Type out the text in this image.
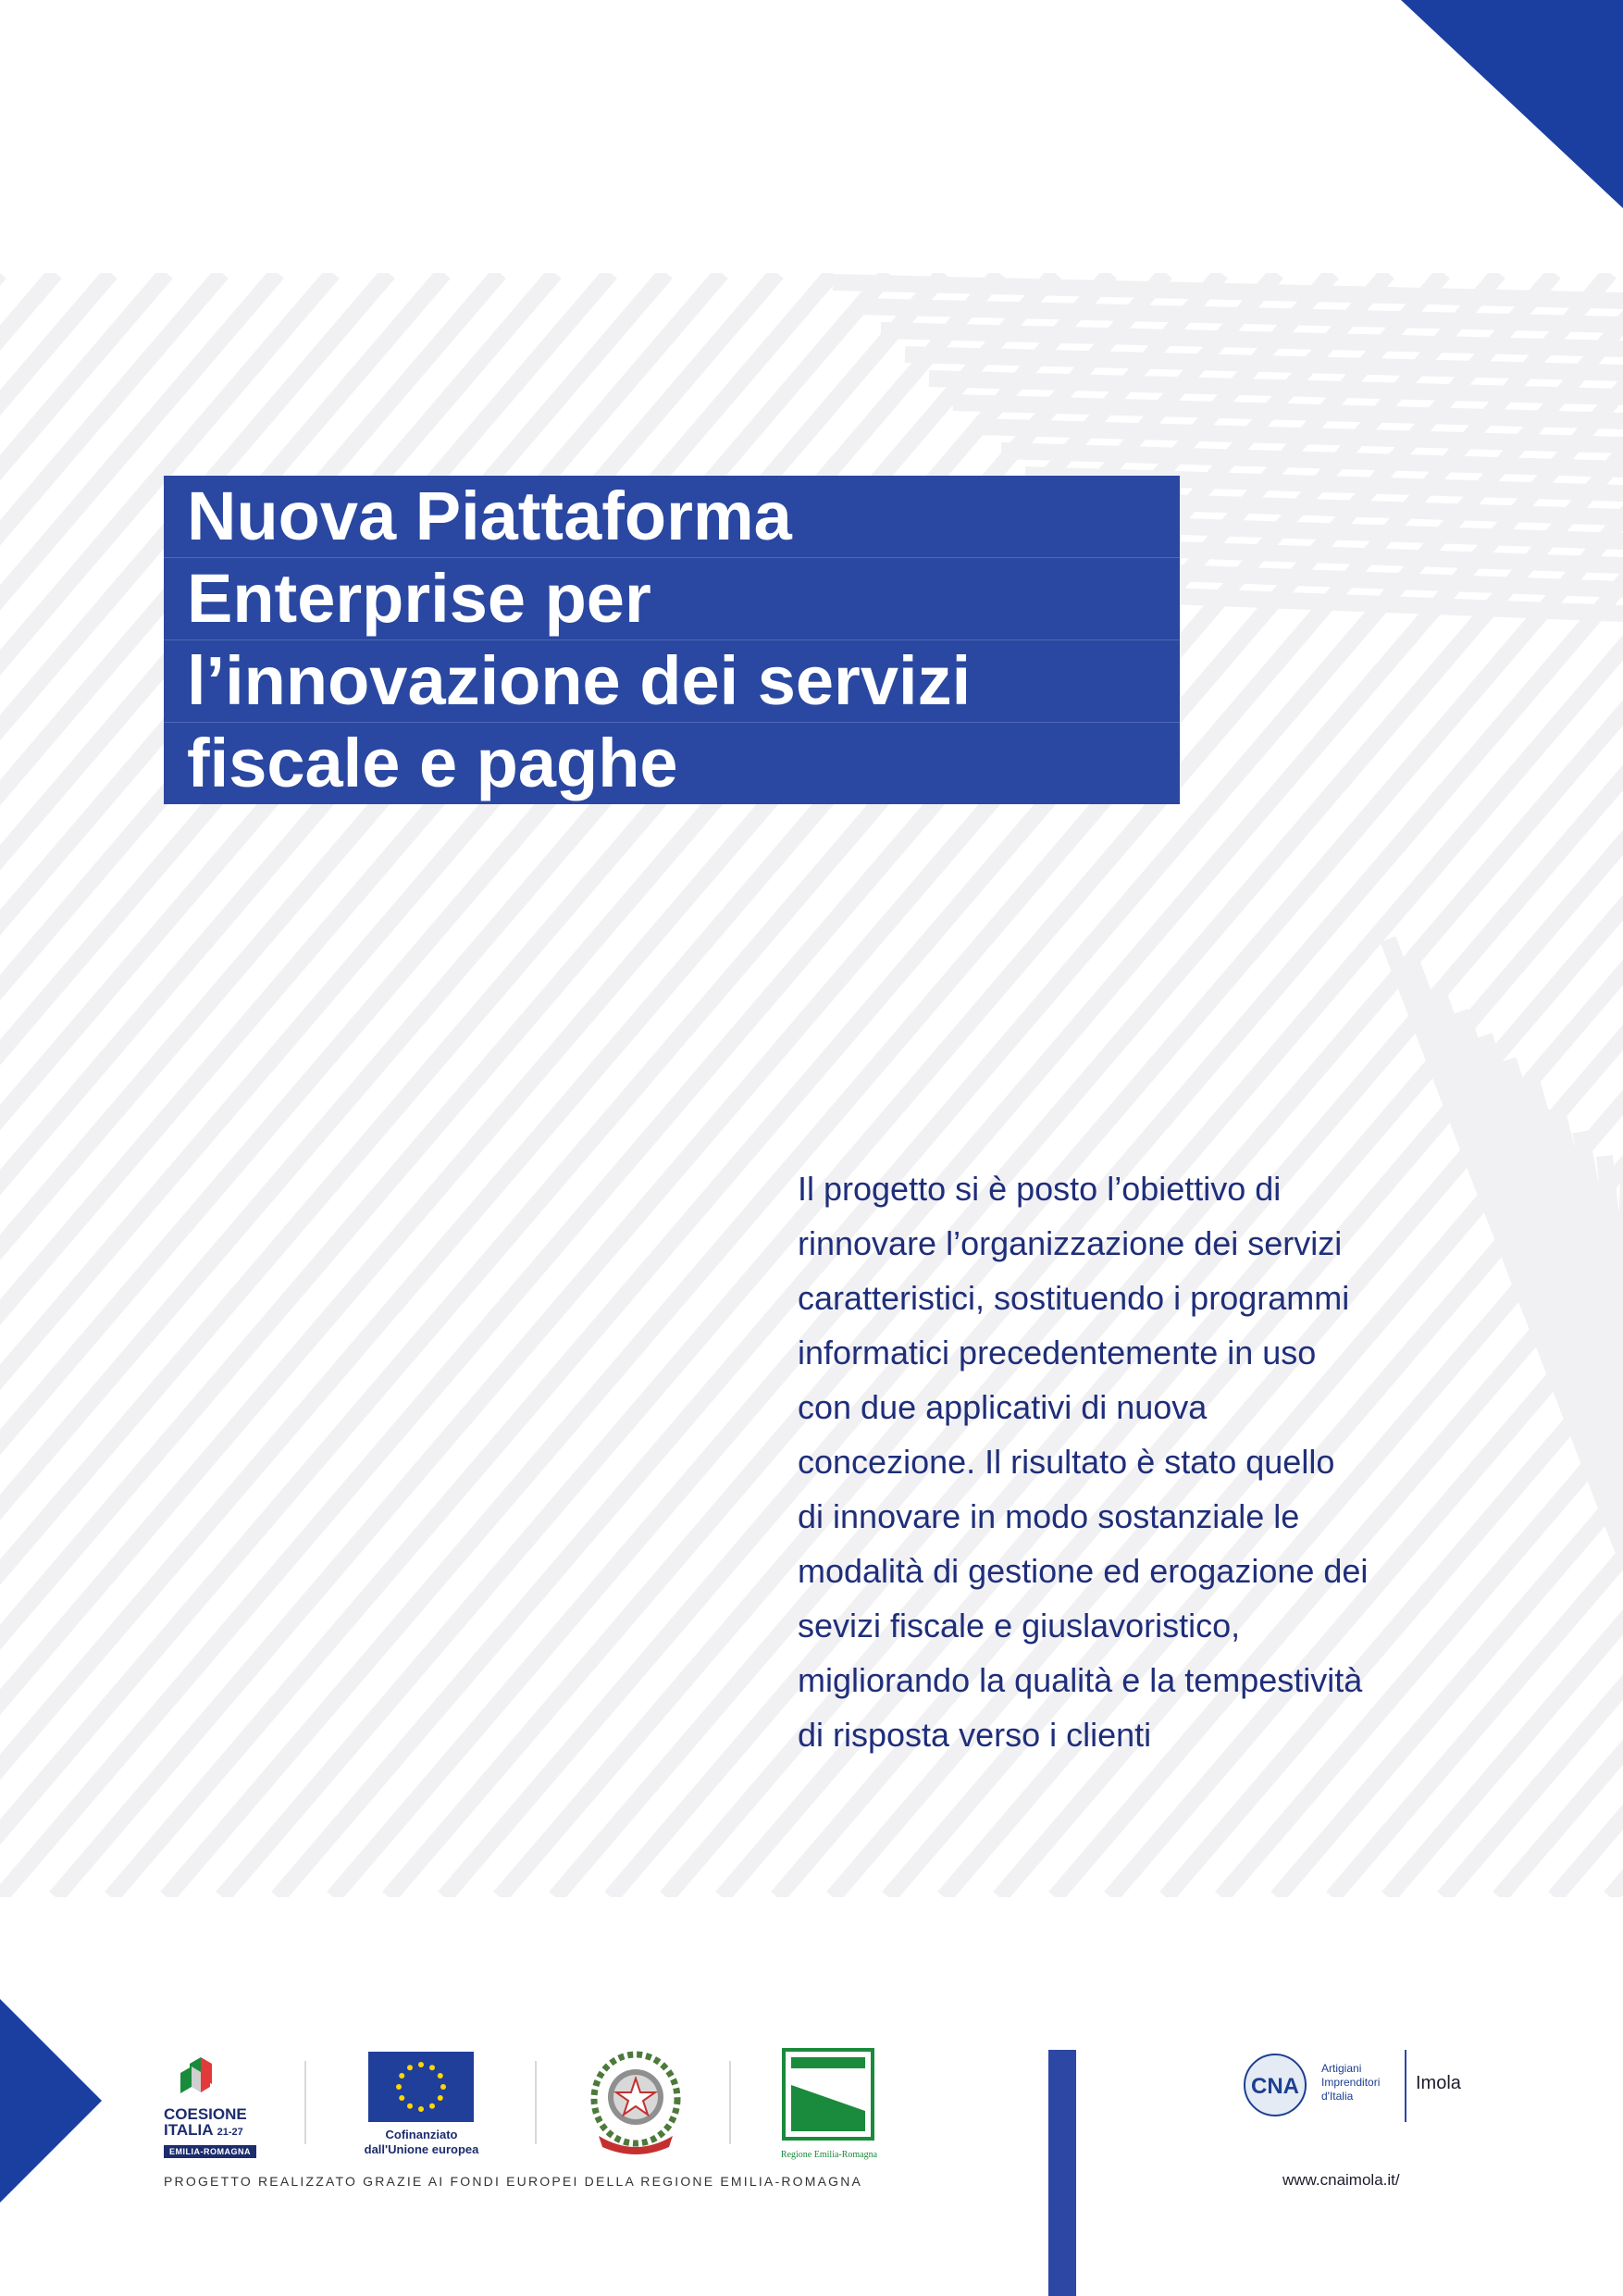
Nuova Piattaforma
Enterprise per
l’innovazione dei servizi
fiscale e paghe

Il progetto si è posto l’obiettivo di
rinnovare l’organizzazione dei servizi
caratteristici, sostituendo i programmi
informatici precedentemente in uso
con due applicativi di nuova
concezione. Il risultato è stato quello
di innovare in modo sostanziale le
modalità di gestione ed erogazione dei
sevizi fiscale e giuslavoristico,
migliorando la qualità e la tempestività
di risposta verso i clienti

COESIONE
ITALIA 21-27
EMILIA-ROMAGNA
Cofinanziato
dall'Unione europea	Regione Emilia-Romagna
PROGETTO REALIZZATO GRAZIE AI FONDI EUROPEI DELLA REGIONE EMILIA-ROMAGNA
CNA
Artigiani
Imprenditori
d'Italia
Imola
www.cnaimola.it/
